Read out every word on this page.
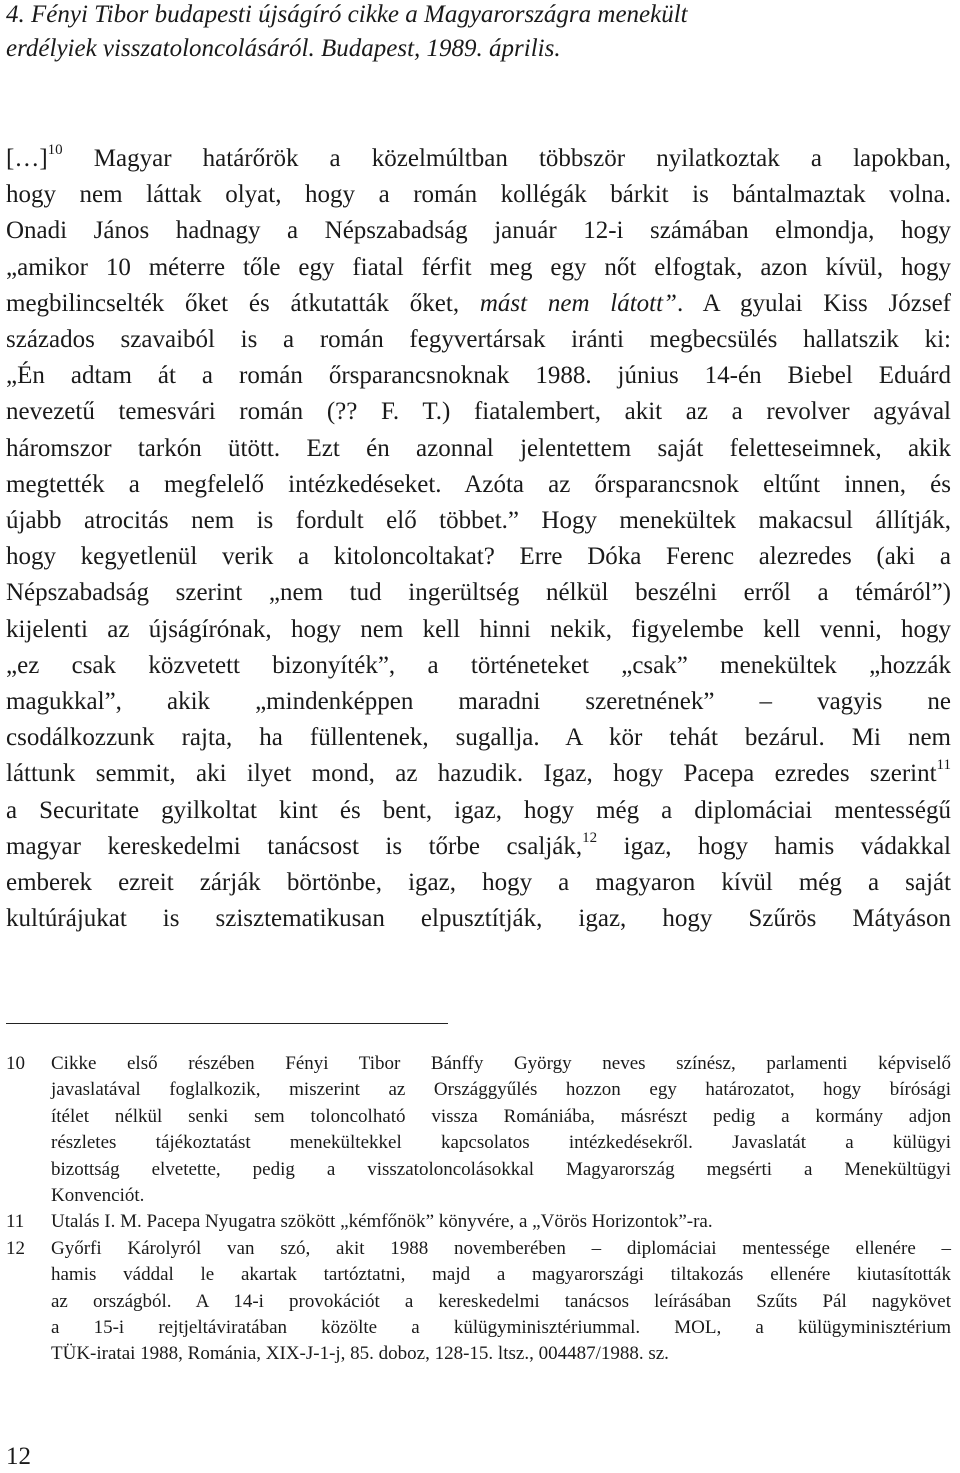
4. Fényi Tibor budapesti újságíró cikke a Magyarországra menekült
erdélyiek visszatoloncolásáról. Budapest, 1989. április.
[…]$^{10}$ Magyar határőrök a közelmúltban többször nyilatkoztak a lapokban,
hogy nem láttak olyat, hogy a román kollégák bárkit is bántalmaztak volna.
Onadi János hadnagy a Népszabadság január 12-i számában elmondja, hogy
„amikor 10 méterre tőle egy fiatal férfit meg egy nőt elfogtak, azon kívül, hogy
megbilincselték őket és átkutatták őket, mást nem látott”. A gyulai Kiss József
százados szavaiból is a román fegyvertársak iránti megbecsülés hallatszik ki:
„Én adtam át a román őrsparancsnoknak 1988. június 14-én Biebel Eduárd
nevezetű temesvári román (?? F. T.) fiatalembert, akit az a revolver agyával
háromszor tarkón ütött. Ezt én azonnal jelentettem saját feletteseimnek, akik
megtették a megfelelő intézkedéseket. Azóta az őrsparancsnok eltűnt innen, és
újabb atrocitás nem is fordult elő többet.” Hogy menekültek makacsul állítják,
hogy kegyetlenül verik a kitoloncoltakat? Erre Dóka Ferenc alezredes (aki a
Népszabadság szerint „nem tud ingerültség nélkül beszélni erről a témáról”)
kijelenti az újságírónak, hogy nem kell hinni nekik, figyelembe kell venni, hogy
„ez csak közvetett bizonyíték”, a történeteket „csak” menekültek „hozzák
magukkal”, akik „mindenképpen maradni szeretnének” – vagyis ne
csodálkozzunk rajta, ha füllentenek, sugallja. A kör tehát bezárul. Mi nem
láttunk semmit, aki ilyet mond, az hazudik. Igaz, hogy Pacepa ezredes szerint$^{11}$
a Securitate gyilkoltat kint és bent, igaz, hogy még a diplomáciai mentességű
magyar kereskedelmi tanácsost is tőrbe csalják,$^{12}$ igaz, hogy hamis vádakkal
emberek ezreit zárják börtönbe, igaz, hogy a magyaron kívül még a saját
kultúrájukat is szisztematikusan elpusztítják, igaz, hogy Szűrös Mátyáson
10 Cikke első részében Fényi Tibor Bánffy György neves színész, parlamenti képviselő
javaslatával foglalkozik, miszerint az Országgyűlés hozzon egy határozatot, hogy bírósági
ítélet nélkül senki sem toloncolható vissza Romániába, másrészt pedig a kormány adjon
részletes tájékoztatást menekültekkel kapcsolatos intézkedésekről. Javaslatát a külügyi
bizottság elvetette, pedig a visszatoloncolásokkal Magyarország megsérti a Menekültügyi
Konvenciót.
11 Utalás I. M. Pacepa Nyugatra szökött „kémfőnök” könyvére, a „Vörös Horizontok”-ra.
12 Győrfi Károlyról van szó, akit 1988 novemberében – diplomáciai mentessége ellenére –
hamis váddal le akartak tartóztatni, majd a magyarországi tiltakozás ellenére kiutasították
az országból. A 14-i provokációt a kereskedelmi tanácsos leírásában Szűts Pál nagykövet
a 15-i rejtjeltáviratában közölte a külügyminisztériummal. MOL, a külügyminisztérium
TÜK-iratai 1988, Románia, XIX-J-1-j, 85. doboz, 128-15. ltsz., 004487/1988. sz.
12
